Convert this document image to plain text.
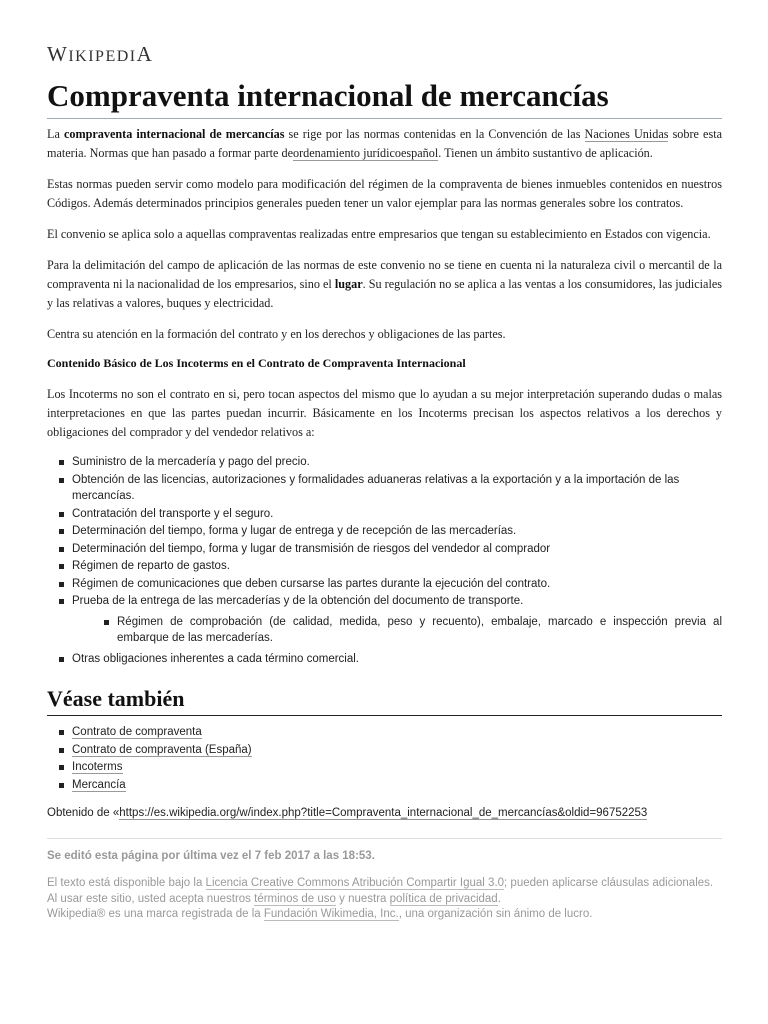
WIKIPEDIA
Compraventa internacional de mercancías

La compraventa internacional de mercancías se rige por las normas contenidas en la Convención de las Naciones Unidas sobre esta materia. Normas que han pasado a formar parte deordenamiento jurídicoespañol. Tienen un ámbito sustantivo de aplicación.

Estas normas pueden servir como modelo para modificación del régimen de la compraventa de bienes inmuebles contenidos en nuestros Códigos. Además determinados principios generales pueden tener un valor ejemplar para las normas generales sobre los contratos.

El convenio se aplica solo a aquellas compraventas realizadas entre empresarios que tengan su establecimiento en Estados con vigencia.

Para la delimitación del campo de aplicación de las normas de este convenio no se tiene en cuenta ni la naturaleza civil o mercantil de la compraventa ni la nacionalidad de los empresarios, sino el lugar. Su regulación no se aplica a las ventas a los consumidores, las judiciales y las relativas a valores, buques y electricidad.

Centra su atención en la formación del contrato y en los derechos y obligaciones de las partes.

Contenido Básico de Los Incoterms en el Contrato de Compraventa Internacional

Los Incoterms no son el contrato en si, pero tocan aspectos del mismo que lo ayudan a su mejor interpretación superando dudas o malas interpretaciones en que las partes puedan incurrir. Básicamente en los Incoterms precisan los aspectos relativos a los derechos y obligaciones del comprador y del vendedor relativos a:

Suministro de la mercadería y pago del precio.
Obtención de las licencias, autorizaciones y formalidades aduaneras relativas a la exportación y a la importación de las mercancías.
Contratación del transporte y el seguro.
Determinación del tiempo, forma y lugar de entrega y de recepción de las mercaderías.
Determinación del tiempo, forma y lugar de transmisión de riesgos del vendedor al comprador
Régimen de reparto de gastos.
Régimen de comunicaciones que deben cursarse las partes durante la ejecución del contrato.
Prueba de la entrega de las mercaderías y de la obtención del documento de transporte.
Régimen de comprobación (de calidad, medida, peso y recuento), embalaje, marcado e inspección previa al embarque de las mercaderías.
Otras obligaciones inherentes a cada término comercial.
Véase también
Contrato de compraventa
Contrato de compraventa (España)
Incoterms
Mercancía
Obtenido de «https://es.wikipedia.org/w/index.php?title=Compraventa_internacional_de_mercancías&oldid=96752253
Se editó esta página por última vez el 7 feb 2017 a las 18:53.
El texto está disponible bajo la Licencia Creative Commons Atribución Compartir Igual 3.0; pueden aplicarse cláusulas adicionales. Al usar este sitio, usted acepta nuestros términos de uso y nuestra política de privacidad.
Wikipedia® es una marca registrada de la Fundación Wikimedia, Inc., una organización sin ánimo de lucro.
